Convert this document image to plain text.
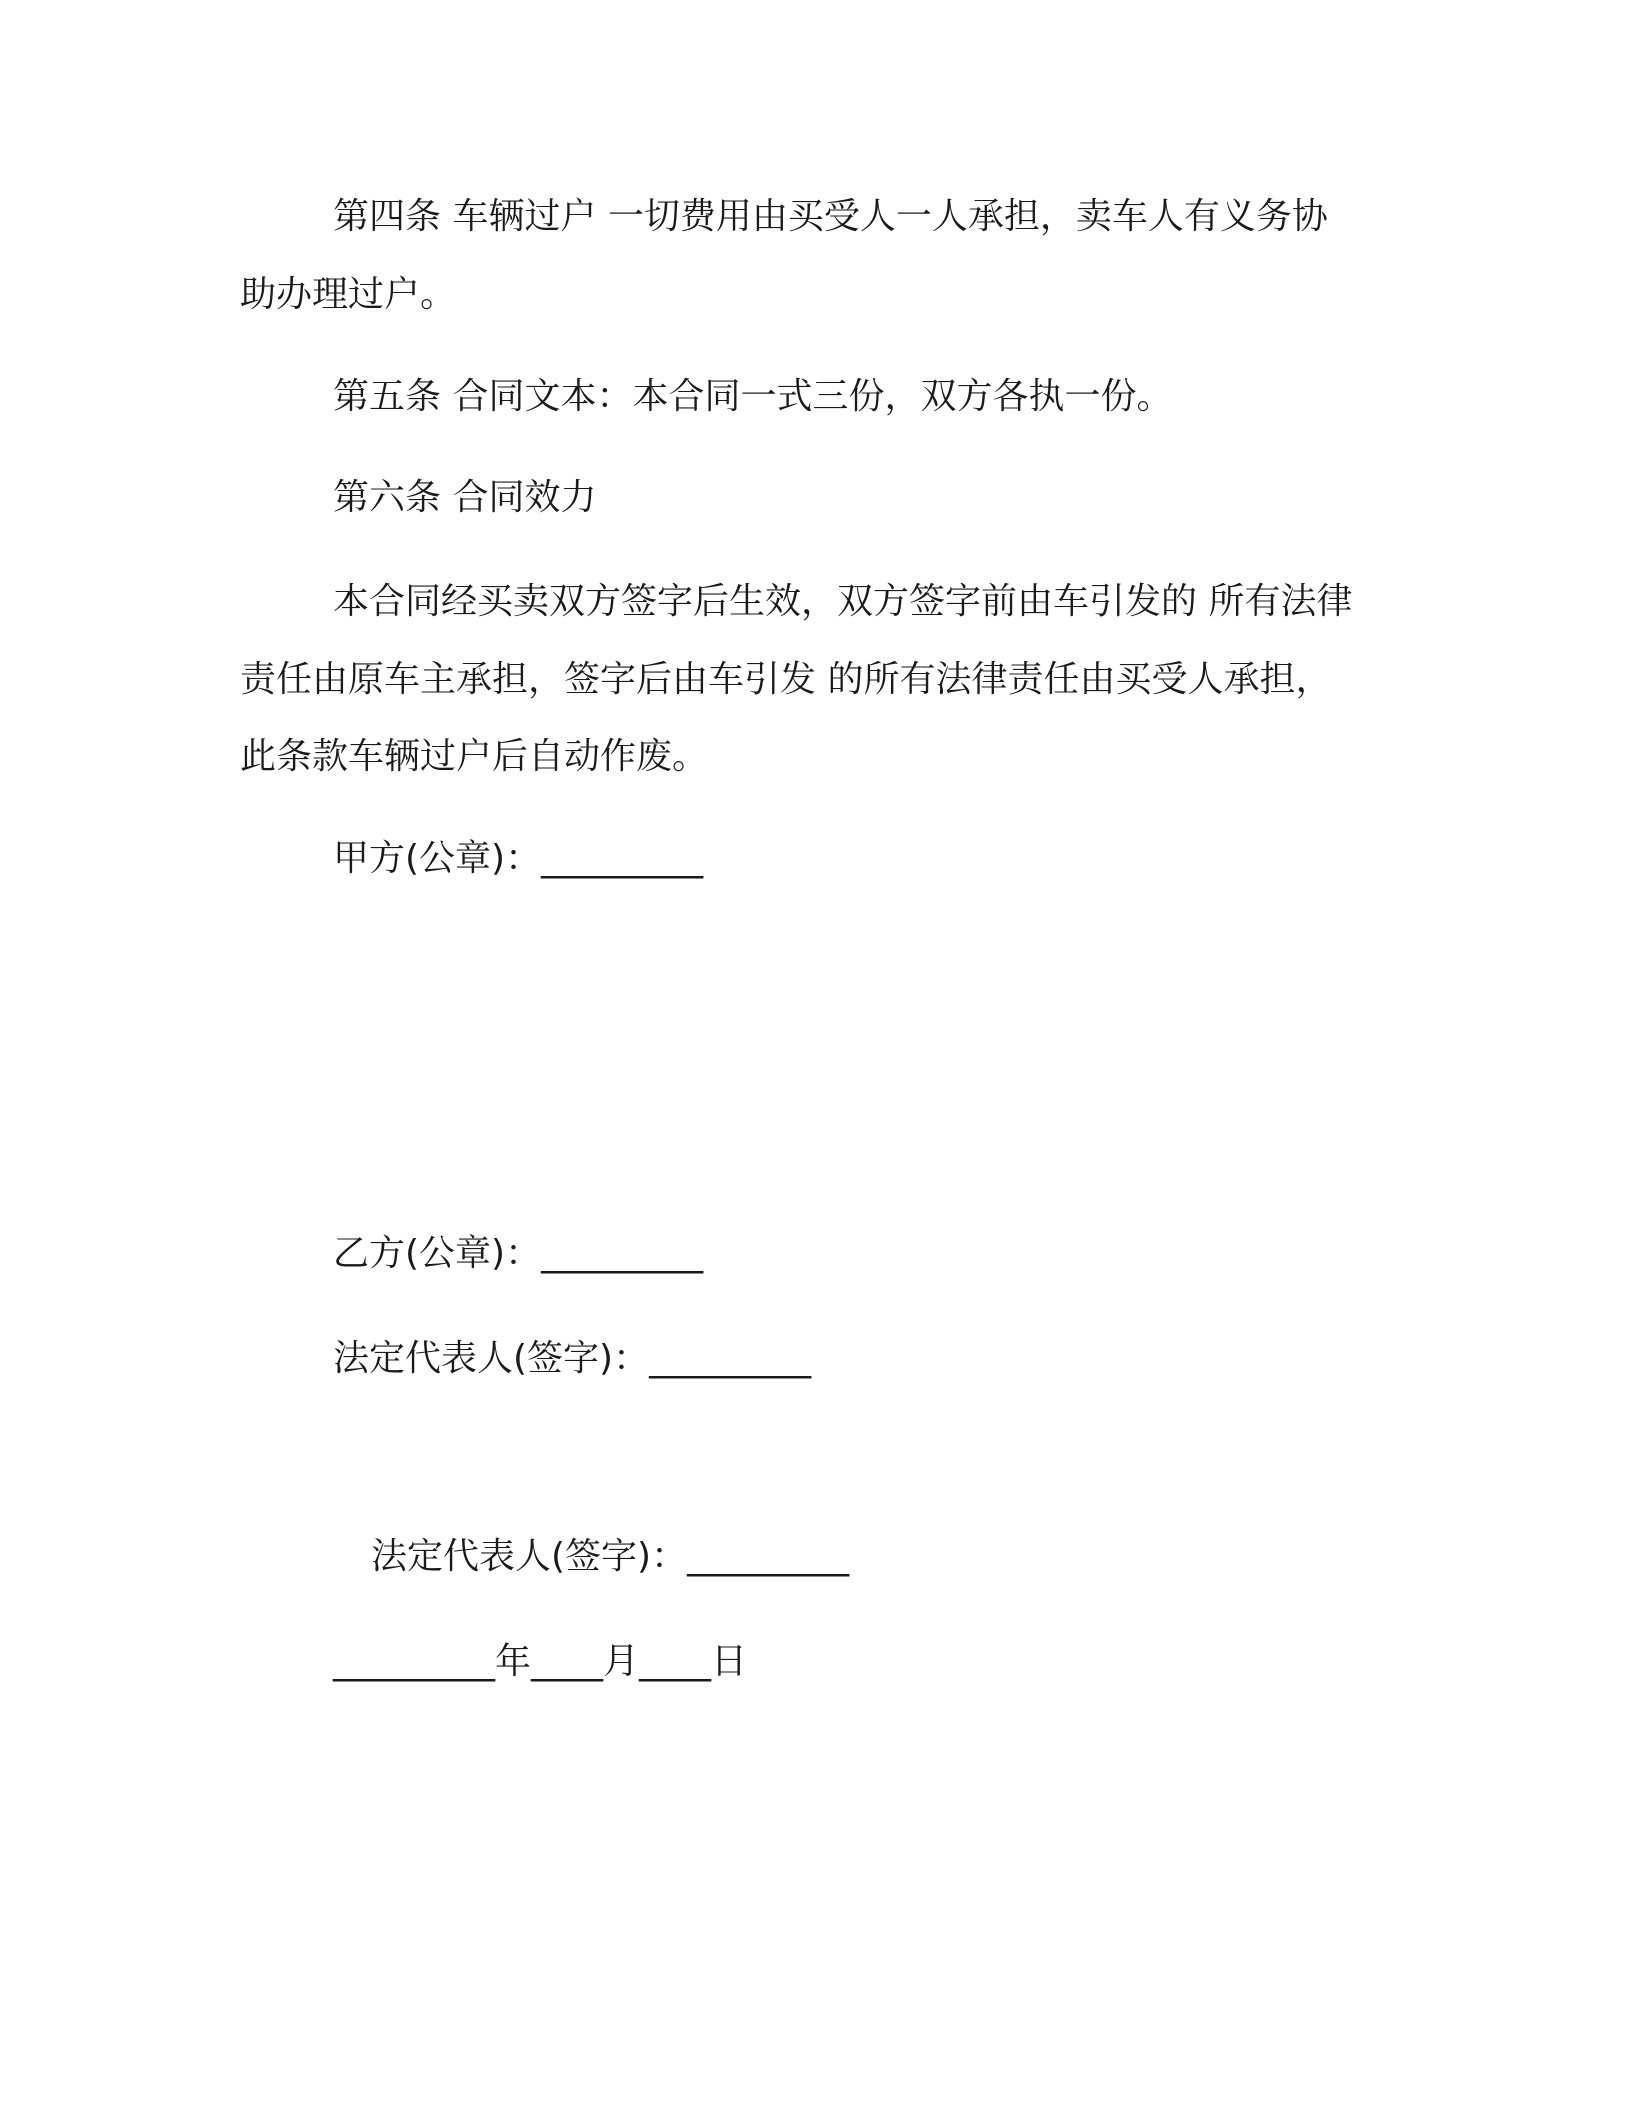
第四条 车辆过户 一切费用由买受人一人承担，卖车人有义务协
助办理过户。
第五条 合同文本：本合同一式三份，双方各执一份。
第六条 合同效力
本合同经买卖双方签字后生效，双方签字前由车引发的 所有法律
责任由原车主承担，签字后由车引发 的所有法律责任由买受人承担，
此条款车辆过户后自动作废。
甲方(公章)：_________
乙方(公章)：_________
法定代表人(签字)：_________
法定代表人(签字)：_________
_________年____月____日
